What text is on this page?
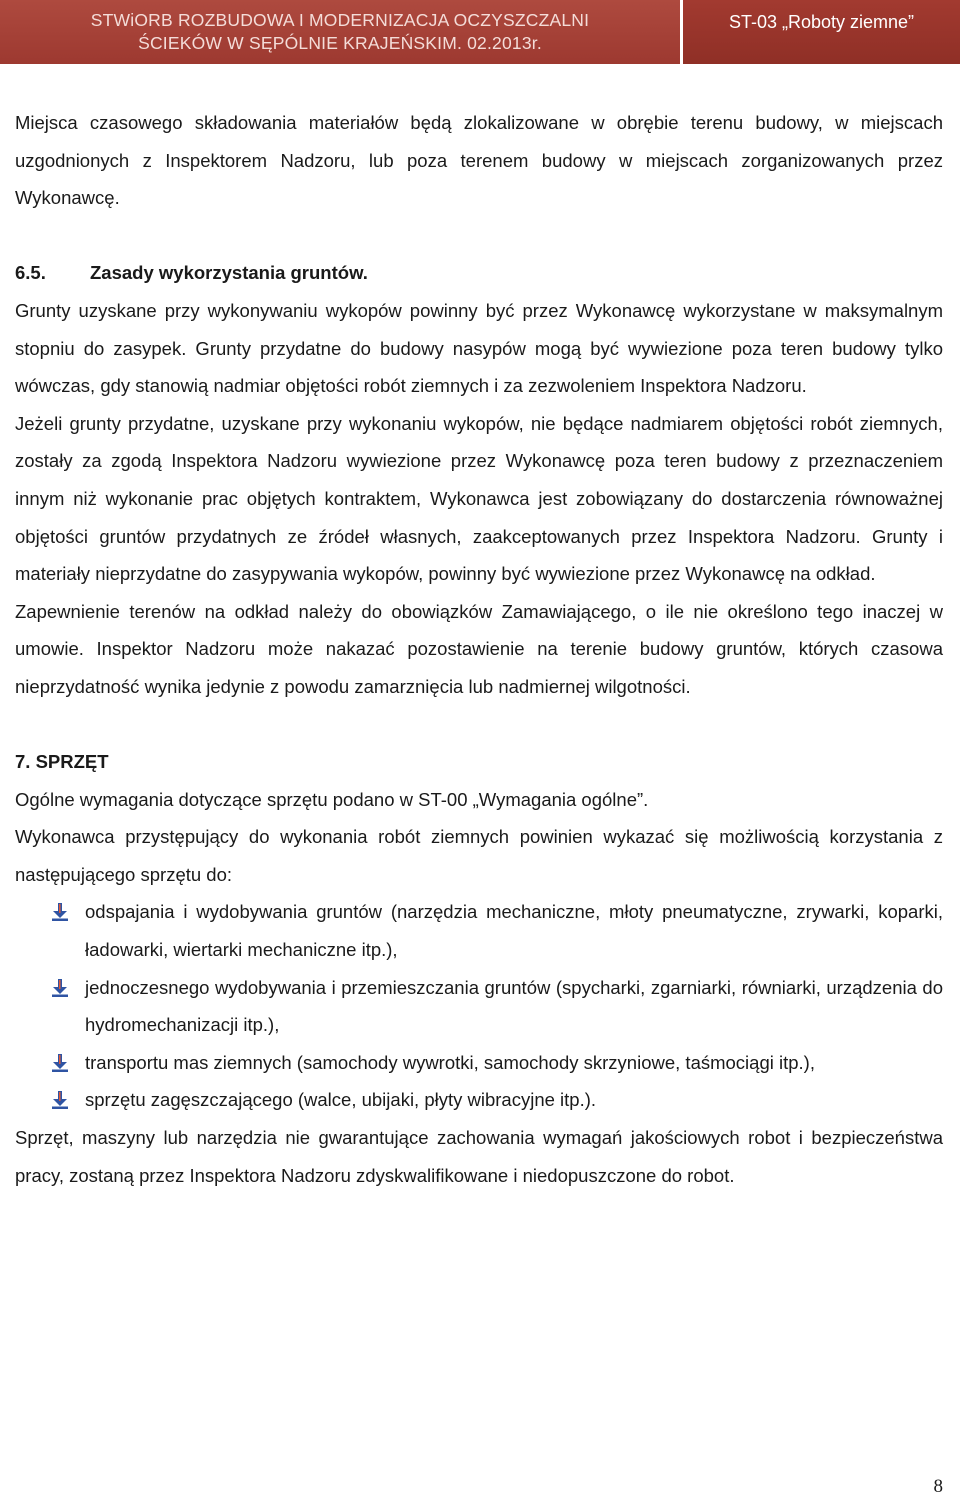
STWiORB ROZBUDOWA I MODERNIZACJA OCZYSZCZALNI
ŚCIEKÓW W SĘPÓLNIE KRAJEŃSKIM. 02.2013r.
ST-03 „Roboty ziemne”

Miejsca czasowego składowania materiałów będą zlokalizowane w obrębie terenu budowy, w miejscach uzgodnionych z Inspektorem Nadzoru, lub poza terenem budowy w miejscach zorganizowanych przez Wykonawcę.

6.5. Zasady wykorzystania gruntów.

Grunty uzyskane przy wykonywaniu wykopów powinny być przez Wykonawcę wykorzystane w maksymalnym stopniu do zasypek. Grunty przydatne do budowy nasypów mogą być wywiezione poza teren budowy tylko wówczas, gdy stanowią nadmiar objętości robót ziemnych i za zezwoleniem Inspektora Nadzoru.

Jeżeli grunty przydatne, uzyskane przy wykonaniu wykopów, nie będące nadmiarem objętości robót ziemnych, zostały za zgodą Inspektora Nadzoru wywiezione przez Wykonawcę poza teren budowy z przeznaczeniem innym niż wykonanie prac objętych kontraktem, Wykonawca jest zobowiązany do dostarczenia równoważnej objętości gruntów przydatnych ze źródeł własnych, zaakceptowanych przez Inspektora Nadzoru. Grunty i materiały nieprzydatne do zasypywania wykopów, powinny być wywiezione przez Wykonawcę na odkład.

Zapewnienie terenów na odkład należy do obowiązków Zamawiającego, o ile nie określono tego inaczej w umowie. Inspektor Nadzoru może nakazać pozostawienie na terenie budowy gruntów, których czasowa nieprzydatność wynika jedynie z powodu zamarznięcia lub nadmiernej wilgotności.

7. SPRZĘT

Ogólne wymagania dotyczące sprzętu podano w ST-00 „Wymagania ogólne”.

Wykonawca przystępujący do wykonania robót ziemnych powinien wykazać się możliwością korzystania z następującego sprzętu do:

odspajania i wydobywania gruntów (narzędzia mechaniczne, młoty pneumatyczne, zrywarki, koparki, ładowarki, wiertarki mechaniczne itp.),
jednoczesnego wydobywania i przemieszczania gruntów (spycharki, zgarniarki, równiarki, urządzenia do hydromechanizacji itp.),
transportu mas ziemnych (samochody wywrotki, samochody skrzyniowe, taśmociągi itp.),
sprzętu zagęszczającego (walce, ubijaki, płyty wibracyjne itp.).

Sprzęt, maszyny lub narzędzia nie gwarantujące zachowania wymagań jakościowych robot i bezpieczeństwa pracy, zostaną przez Inspektora Nadzoru zdyskwalifikowane i niedopuszczone do robot.

8
